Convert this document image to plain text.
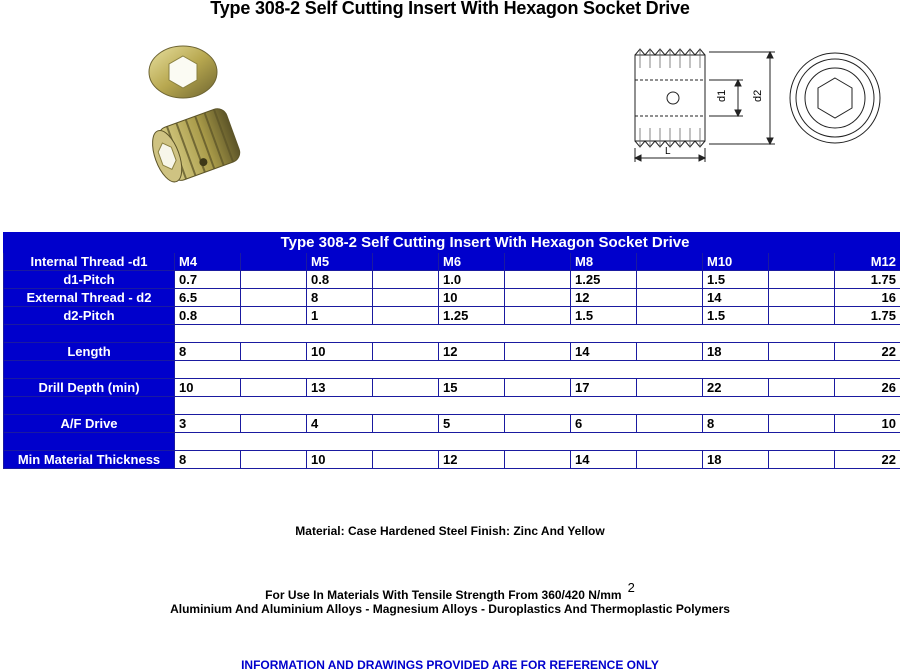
Type 308-2 Self Cutting Insert With Hexagon Socket Drive
d1 d2
L
Type 308-2 Self Cutting Insert With Hexagon Socket Drive											
Internal Thread -d1	M4		M5		M6		M8		M10		M12
d1-Pitch	0.7		0.8		1.0		1.25		1.5		1.75
External Thread - d2	6.5		8		10		12		14		16
d2-Pitch	0.8		1		1.25		1.5		1.5		1.75

Length	8		10		12		14		18		22

Drill Depth (min)	10		13		15		17		22		26

A/F Drive	3		4		5		6		8		10

Min Material Thickness	8		10		12		14		18		22
Material: Case Hardened Steel Finish: Zinc And Yellow
For Use In Materials With Tensile Strength From 360/420 N/mm $^2$
Aluminium And Aluminium Alloys - Magnesium Alloys - Duroplastics And Thermoplastic Polymers
INFORMATION AND DRAWINGS PROVIDED ARE FOR REFERENCE ONLY
